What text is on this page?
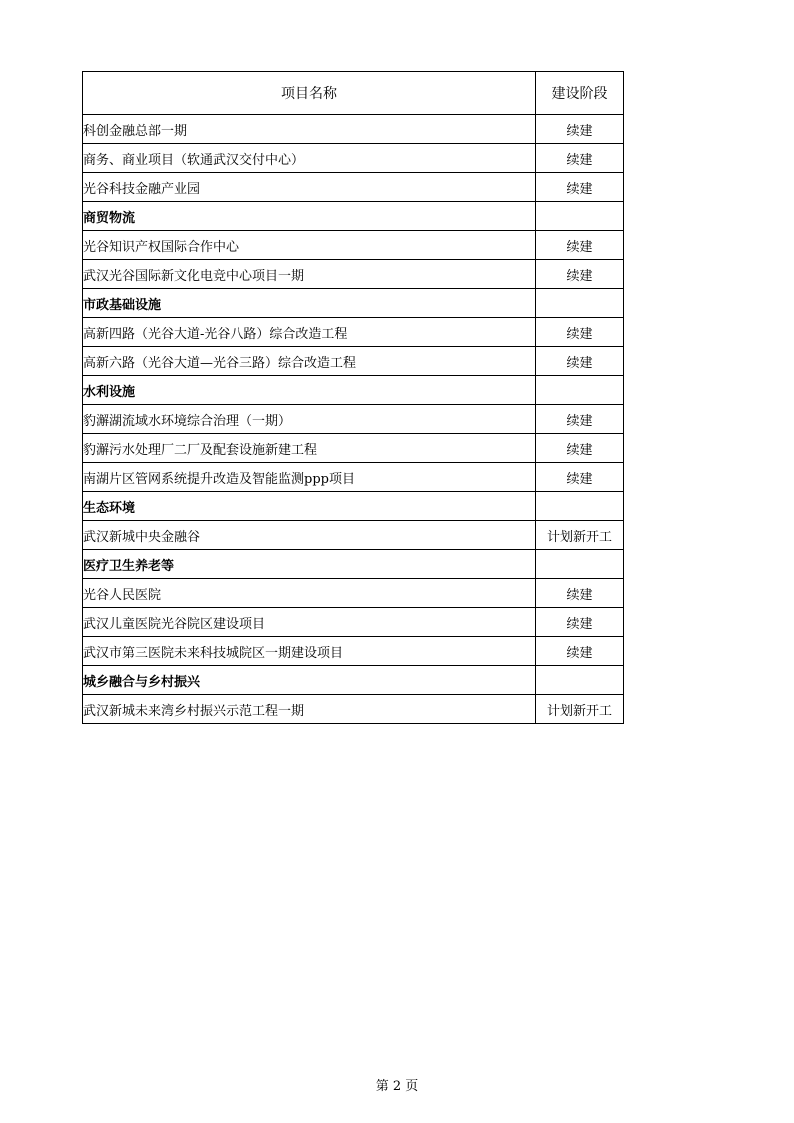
项目名称	建设阶段
科创金融总部一期	续建
商务、商业项目（软通武汉交付中心）	续建
光谷科技金融产业园	续建
商贸物流	
光谷知识产权国际合作中心	续建
武汉光谷国际新文化电竞中心项目一期	续建
市政基础设施	
高新四路（光谷大道-光谷八路）综合改造工程	续建
高新六路（光谷大道—光谷三路）综合改造工程	续建
水利设施	
豹澥湖流域水环境综合治理（一期）	续建
豹澥污水处理厂二厂及配套设施新建工程	续建
南湖片区管网系统提升改造及智能监测ppp项目	续建
生态环境	
武汉新城中央金融谷	计划新开工
医疗卫生养老等	
光谷人民医院	续建
武汉儿童医院光谷院区建设项目	续建
武汉市第三医院未来科技城院区一期建设项目	续建
城乡融合与乡村振兴	
武汉新城未来湾乡村振兴示范工程一期	计划新开工
第 2 页
